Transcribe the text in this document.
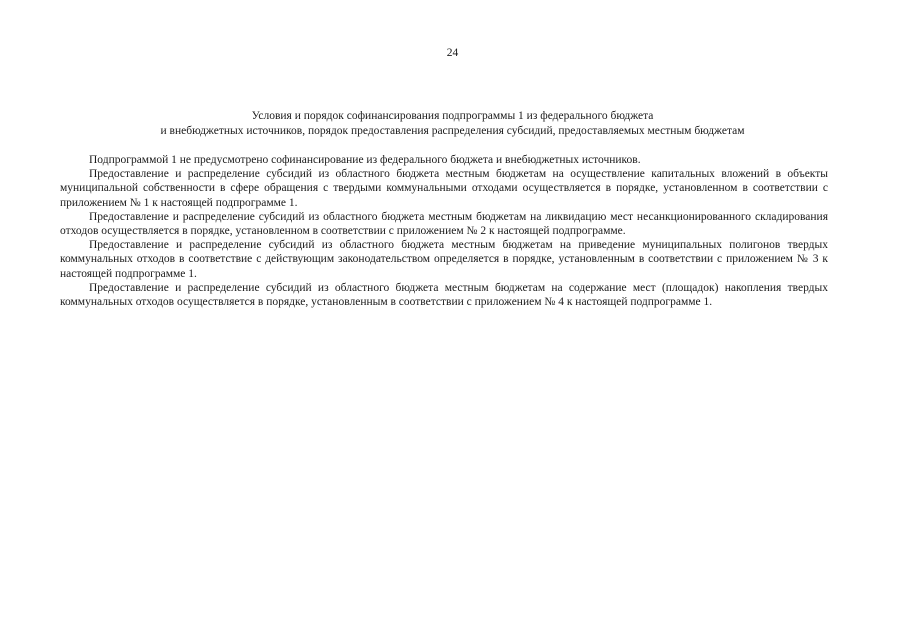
24
Условия и порядок софинансирования подпрограммы 1 из федерального бюджета
и внебюджетных источников, порядок предоставления распределения субсидий, предоставляемых местным бюджетам

Подпрограммой 1 не предусмотрено софинансирование из федерального бюджета и внебюджетных источников.

Предоставление и распределение субсидий из областного бюджета местным бюджетам на осуществление капитальных вложений в объекты муниципальной собственности в сфере обращения с твердыми коммунальными отходами осуществляется в порядке, установленном в соответствии с приложением № 1 к настоящей подпрограмме 1.

Предоставление и распределение субсидий из областного бюджета местным бюджетам на ликвидацию мест несанкционированного складирования отходов осуществляется в порядке, установленном в соответствии с приложением № 2 к настоящей подпрограмме.

Предоставление и распределение субсидий из областного бюджета местным бюджетам на приведение муниципальных полигонов твердых коммунальных отходов в соответствие с действующим законодательством определяется в порядке, установленным в соответствии с приложением № 3 к настоящей подпрограмме 1.

Предоставление и распределение субсидий из областного бюджета местным бюджетам на содержание мест (площадок) накопления твердых коммунальных отходов осуществляется в порядке, установленным в соответствии с приложением № 4 к настоящей подпрограмме 1.
